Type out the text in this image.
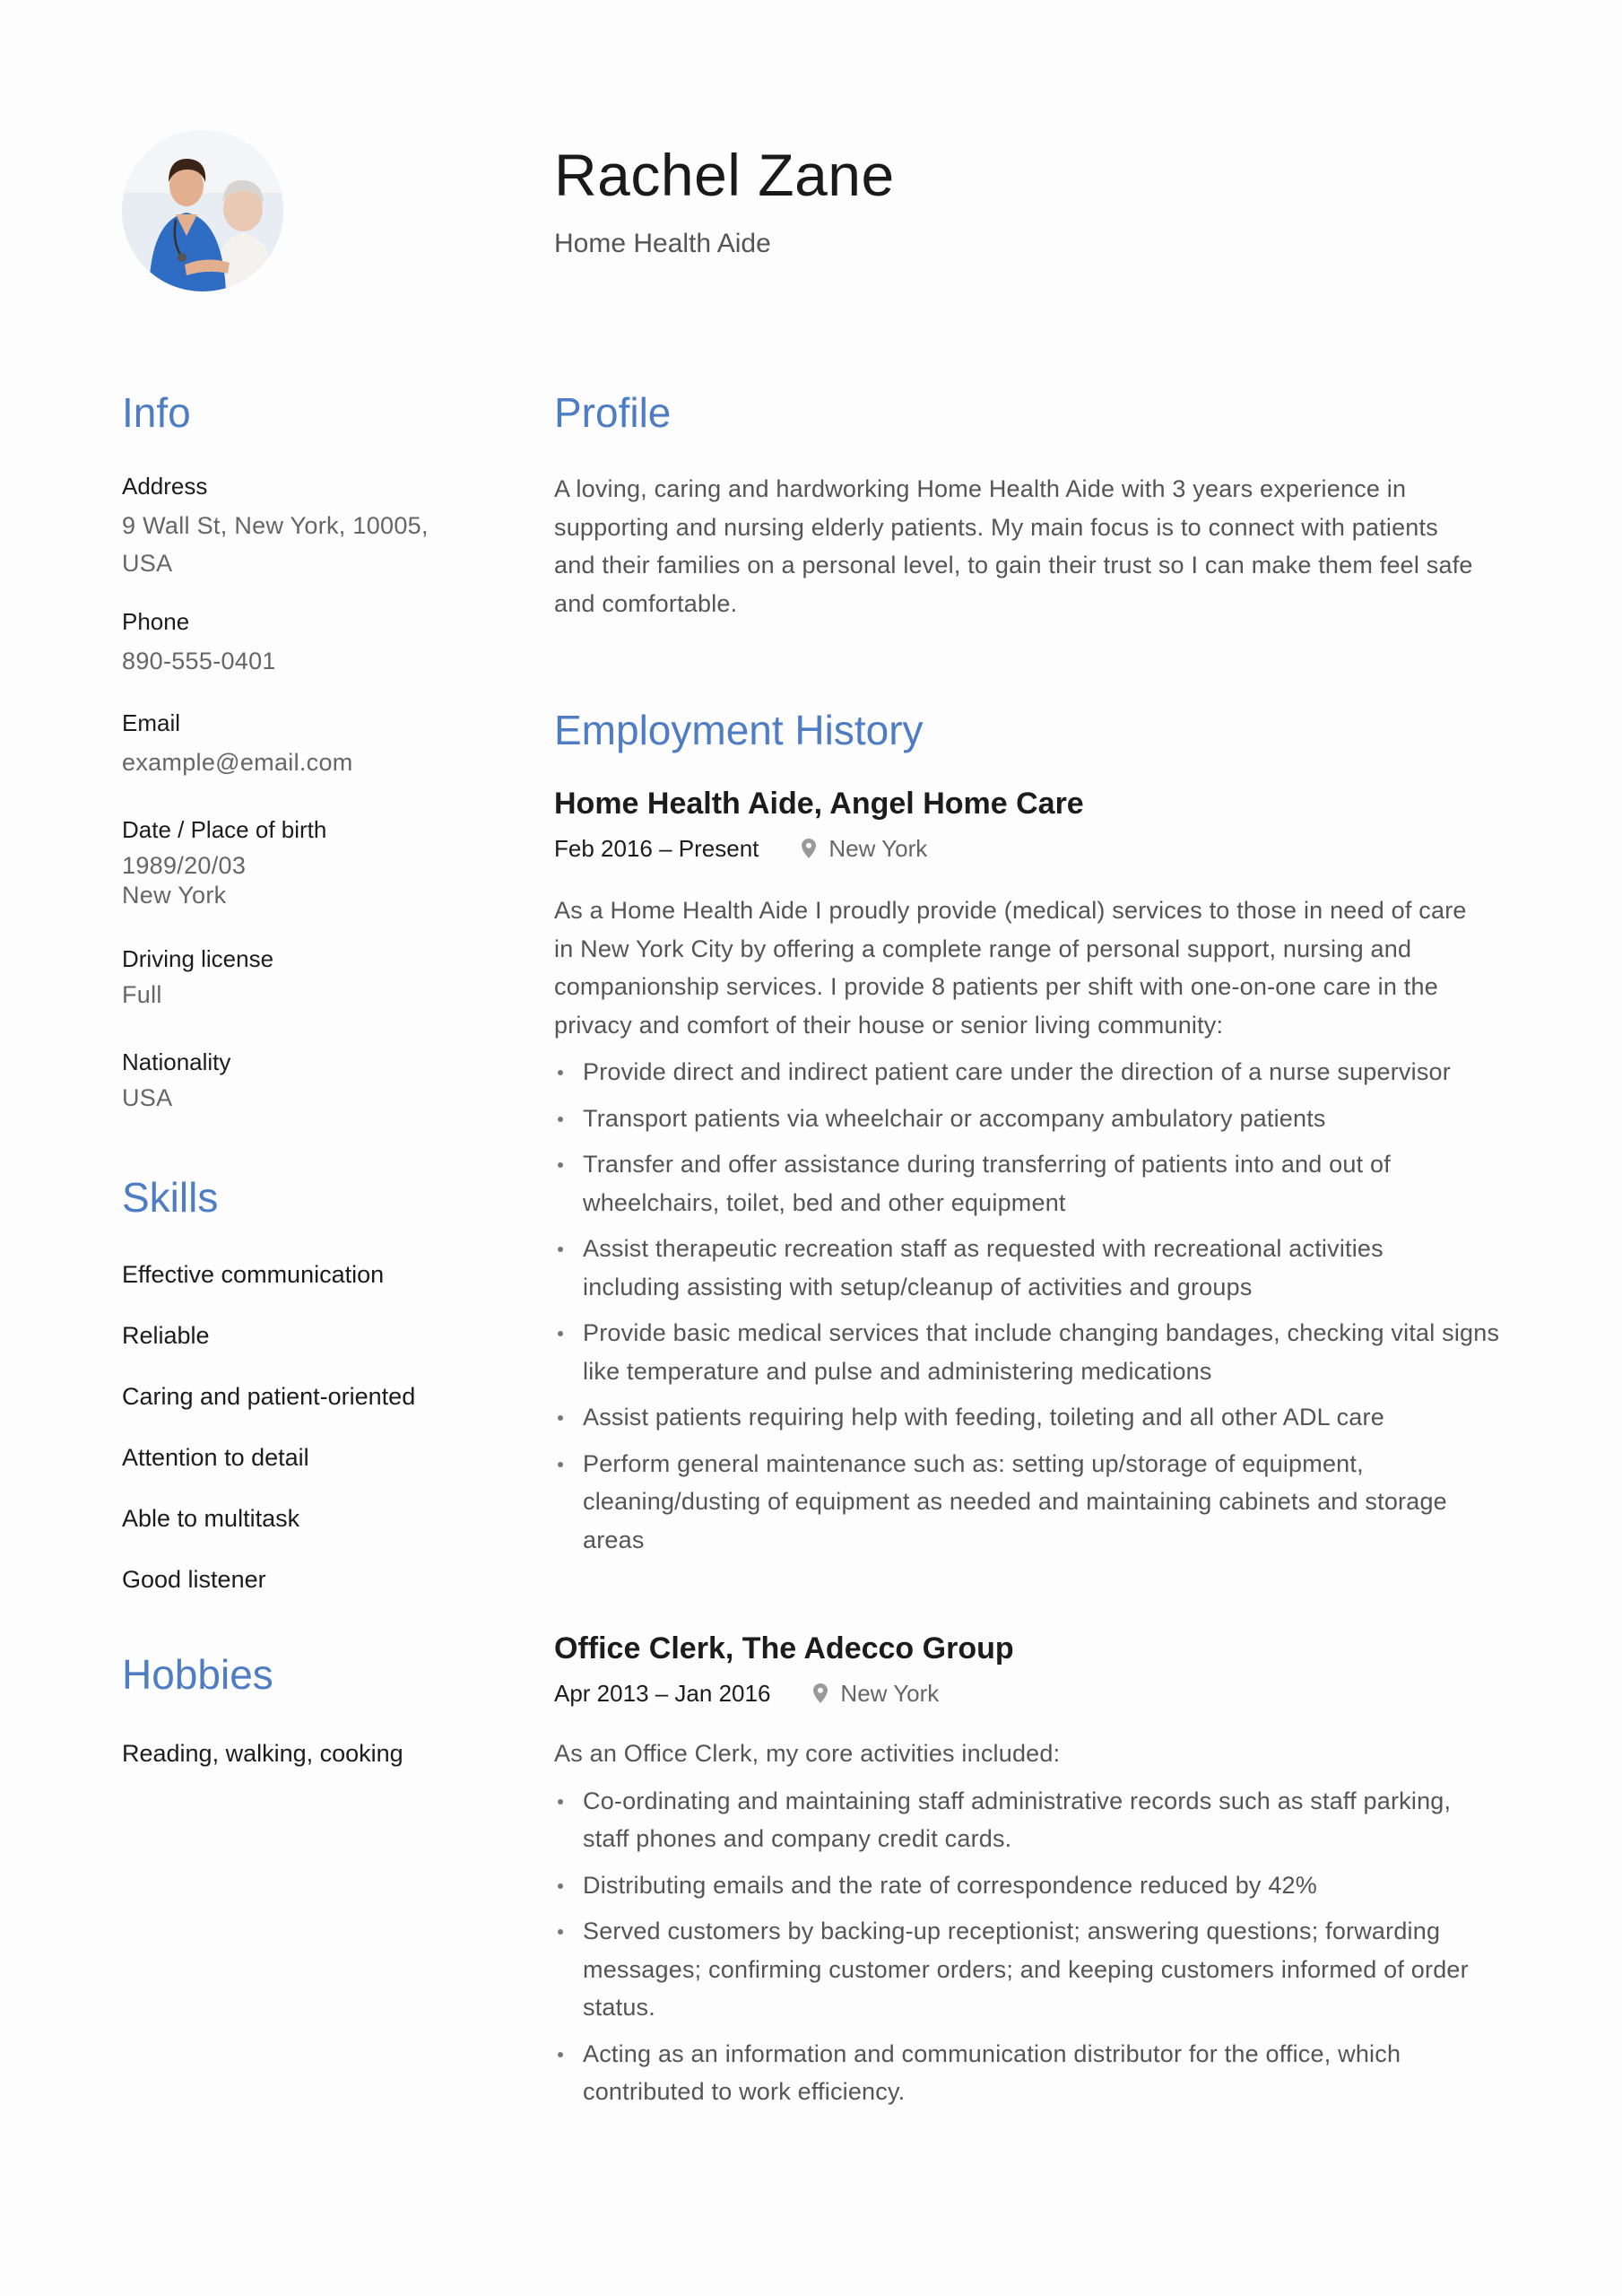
Rachel Zane
Home Health Aide
Info
Address
9 Wall St, New York, 10005,
USA
Phone
890-555-0401
Email
example@email.com
Date / Place of birth
1989/20/03
New York
Driving license
Full
Nationality
USA
Skills
Effective communication
Reliable
Caring and patient-oriented
Attention to detail
Able to multitask
Good listener
Hobbies
Reading, walking, cooking
Profile

A loving, caring and hardworking Home Health Aide with 3 years experience in

supporting and nursing elderly patients. My main focus is to connect with patients

and their families on a personal level, to gain their trust so I can make them feel safe

and comfortable.

Employment History
Home Health Aide, Angel Home Care
Feb 2016 – Present	New York

As a Home Health Aide I proudly provide (medical) services to those in need of care

in New York City by offering a complete range of personal support, nursing and

companionship services. I provide 8 patients per shift with one-on-one care in the

privacy and comfort of their house or senior living community:

Provide direct and indirect patient care under the direction of a nurse supervisor
Transport patients via wheelchair or accompany ambulatory patients
Transfer and offer assistance during transferring of patients into and out of
wheelchairs, toilet, bed and other equipment
Assist therapeutic recreation staff as requested with recreational activities
including assisting with setup/cleanup of activities and groups
Provide basic medical services that include changing bandages, checking vital signs
like temperature and pulse and administering medications
Assist patients requiring help with feeding, toileting and all other ADL care
Perform general maintenance such as: setting up/storage of equipment,
cleaning/dusting of equipment as needed and maintaining cabinets and storage
areas
Office Clerk, The Adecco Group
Apr 2013 – Jan 2016	New York

As an Office Clerk, my core activities included:

Co-ordinating and maintaining staff administrative records such as staff parking,
staff phones and company credit cards.
Distributing emails and the rate of correspondence reduced by 42%
Served customers by backing-up receptionist; answering questions; forwarding
messages; confirming customer orders; and keeping customers informed of order
status.
Acting as an information and communication distributor for the office, which
contributed to work efficiency.
